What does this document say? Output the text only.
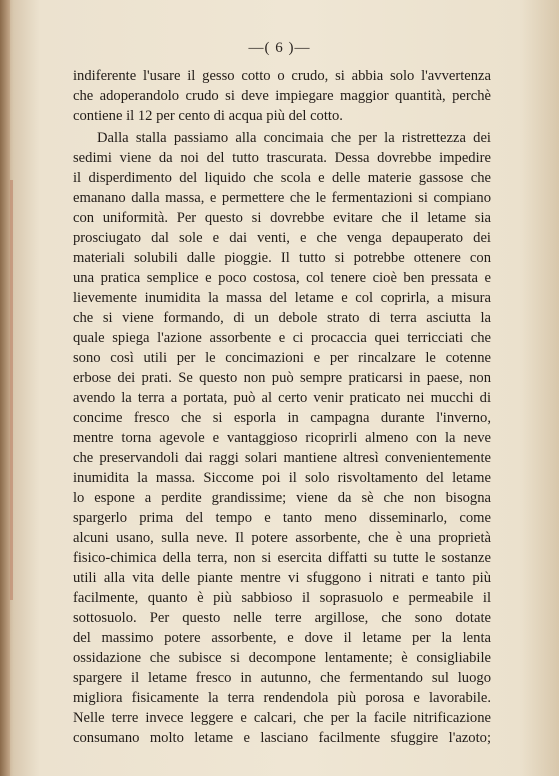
—( 6 )—
indiferente l'usare il gesso cotto o crudo, si abbia solo l'avvertenza
che adoperandolo crudo si deve impiegare maggior quantità, perchè
contiene il 12 per cento di acqua più del cotto.
Dalla stalla passiamo alla concimaia che per la ristrettezza dei
sedimi viene da noi del tutto trascurata. Dessa dovrebbe impedire
il disperdimento del liquido che scola e delle materie gassose che
emanano dalla massa, e permettere che le fermentazioni si compiano
con uniformità. Per questo si dovrebbe evitare che il letame sia
prosciugato dal sole e dai venti, e che venga depauperato dei
materiali solubili dalle pioggie. Il tutto si potrebbe ottenere con
una pratica semplice e poco costosa, col tenere cioè ben pressata e
lievemente inumidita la massa del letame e col coprirla, a misura
che si viene formando, di un debole strato di terra asciutta la
quale spiega l'azione assorbente e ci procaccia quei terricciati che
sono così utili per le concimazioni e per rincalzare le cotenne
erbose dei prati. Se questo non può sempre praticarsi in paese, non
avendo la terra a portata, può al certo venir praticato nei mucchi di
concime fresco che si esporla in campagna durante l'inverno,
mentre torna agevole e vantaggioso ricoprirli almeno con la neve
che preservandoli dai raggi solari mantiene altresì convenientemente
inumidita la massa. Siccome poi il solo risvoltamento del letame
lo espone a perdite grandissime; viene da sè che non bisogna
spargerlo prima del tempo e tanto meno disseminarlo, come
alcuni usano, sulla neve. Il potere assorbente, che è una proprietà
fisico-chimica della terra, non si esercita diffatti su tutte le sostanze
utili alla vita delle piante mentre vi sfuggono i nitrati e tanto più
facilmente, quanto è più sabbioso il soprasuolo e permeabile il
sottosuolo. Per questo nelle terre argillose, che sono dotate
del massimo potere assorbente, e dove il letame per la lenta
ossidazione che subisce si decompone lentamente; è consigliabile
spargere il letame fresco in autunno, che fermentando sul luogo
migliora fisicamente la terra rendendola più porosa e lavorabile.
Nelle terre invece leggere e calcari, che per la facile nitrificazione
consumano molto letame e lasciano facilmente sfuggire l'azoto;
